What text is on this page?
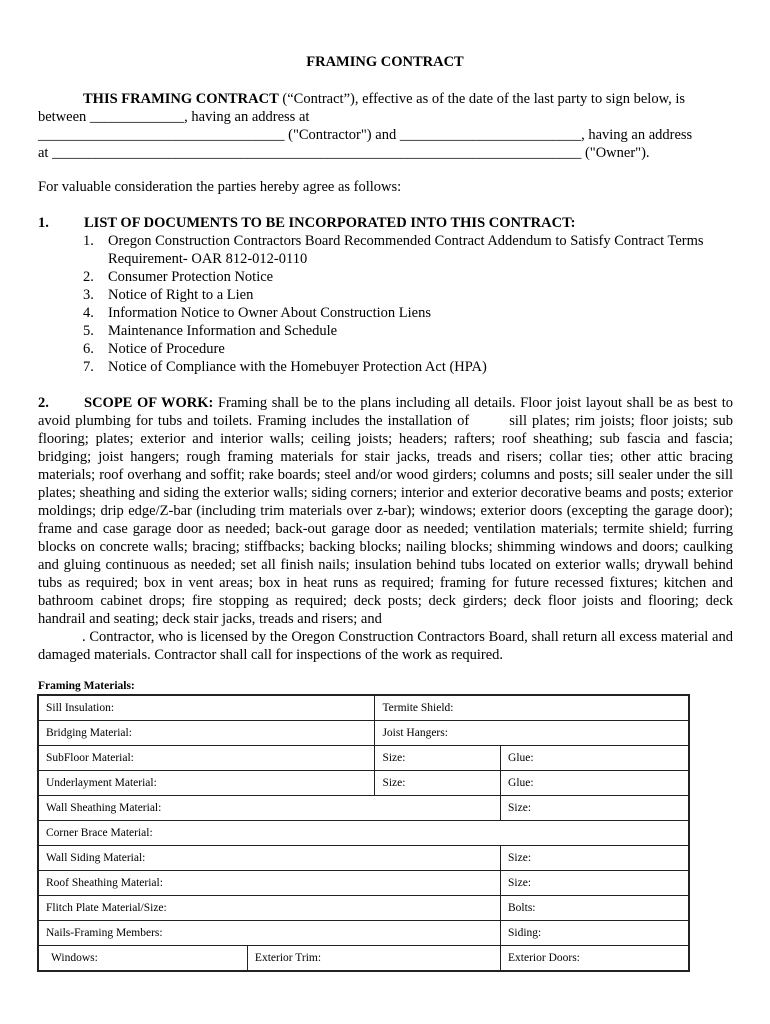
FRAMING CONTRACT
THIS FRAMING CONTRACT (“Contract”), effective as of the date of the last party to sign below, is
between _____________, having an address at
__________________________________ ("Contractor") and _________________________, having an address
at _________________________________________________________________________ ("Owner").
For valuable consideration the parties hereby agree as follows:
1. LIST OF DOCUMENTS TO BE INCORPORATED INTO THIS CONTRACT:
1. Oregon Construction Contractors Board Recommended Contract Addendum to Satisfy Contract Terms Requirement- OAR 812-012-0110
2. Consumer Protection Notice
3. Notice of Right to a Lien
4. Information Notice to Owner About Construction Liens
5. Maintenance Information and Schedule
6. Notice of Procedure
7. Notice of Compliance with the Homebuyer Protection Act (HPA)
2. SCOPE OF WORK: Framing shall be to the plans including all details. Floor joist layout shall be as best to avoid plumbing for tubs and toilets. Framing includes the installation of	sill plates; rim joists; floor joists; sub flooring; plates; exterior and interior walls; ceiling joists; headers; rafters; roof sheathing; sub fascia and fascia; bridging; joist hangers; rough framing materials for stair jacks, treads and risers; collar ties; other attic bracing materials; roof overhang and soffit; rake boards; steel and/or wood girders; columns and posts; sill sealer under the sill plates; sheathing and siding the exterior walls; siding corners; interior and exterior decorative beams and posts; exterior moldings; drip edge/Z-bar (including trim materials over z-bar); windows; exterior doors (excepting the garage door); frame and case garage door as needed; back-out garage door as needed; ventilation materials; termite shield; furring blocks on concrete walls; bracing; stiffbacks; backing blocks; nailing blocks; shimming windows and doors; caulking and gluing continuous as needed; set all finish nails; insulation behind tubs located on exterior walls; drywall behind tubs as required; box in vent areas; box in heat runs as required; framing for future recessed fixtures; kitchen and bathroom cabinet drops; fire stopping as required; deck posts; deck girders; deck floor joists and flooring; deck handrail and seating; deck stair jacks, treads and risers; and
. Contractor, who is licensed by the Oregon Construction Contractors Board, shall return all excess material and damaged materials. Contractor shall call for inspections of the work as required.
Framing Materials:
Sill Insulation:		Termite Shield:	
Bridging Material:		Joist Hangers:	
SubFloor Material:		Size:	Glue:
Underlayment Material:		Size:	Glue:
Wall Sheathing Material:			Size:
Corner Brace Material:			
Wall Siding Material:			Size:
Roof Sheathing Material:			Size:
Flitch Plate Material/Size:			Bolts:
Nails-Framing Members:			Siding:
Windows:	Exterior Trim:		Exterior Doors:
